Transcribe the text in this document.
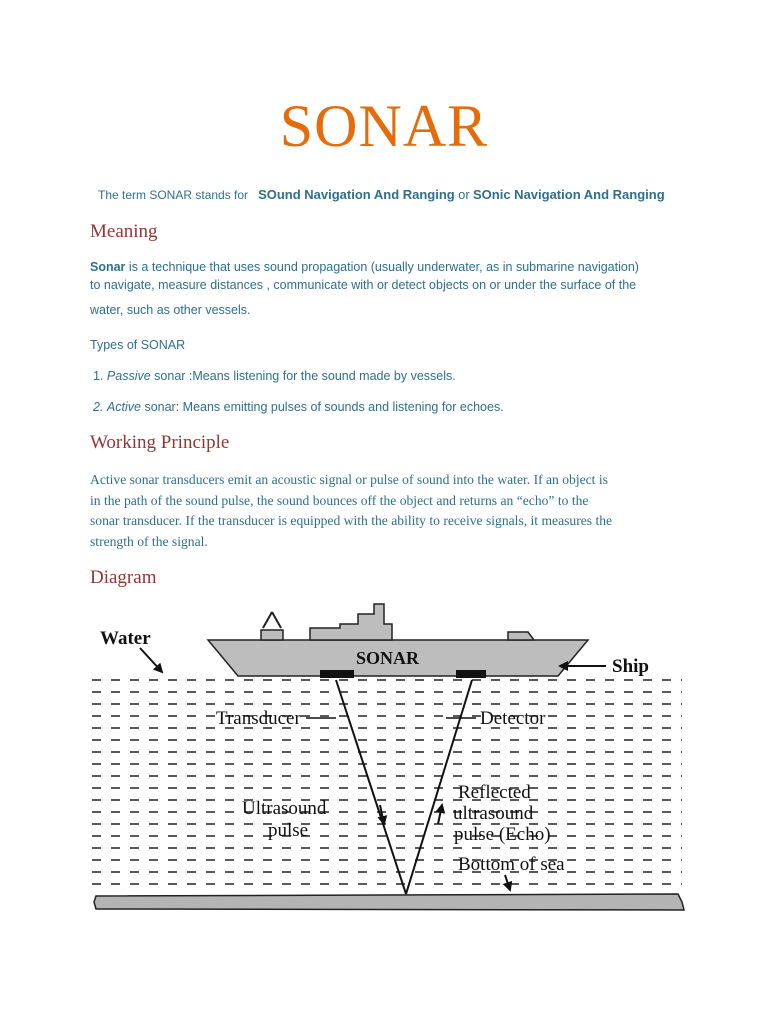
SONAR
The term SONAR stands for SOund Navigation And Ranging or SOnic Navigation And Ranging
Meaning
Sonar is a technique that uses sound propagation (usually underwater, as in submarine navigation)
to navigate, measure distances , communicate with or detect objects on or under the surface of the
water, such as other vessels.
Types of SONAR
1. Passive sonar :Means listening for the sound made by vessels.
2. Active sonar: Means emitting pulses of sounds and listening for echoes.
Working Principle
Active sonar transducers emit an acoustic signal or pulse of sound into the water. If an object is
in the path of the sound pulse, the sound bounces off the object and returns an “echo” to the
sonar transducer. If the transducer is equipped with the ability to receive signals, it measures the
strength of the signal.
Diagram
Water
Ship
SONAR
Transducer	Detector
Ultrasound
pulse
Reflected
ultrasound
pulse (Echo)
Bottom of sea
